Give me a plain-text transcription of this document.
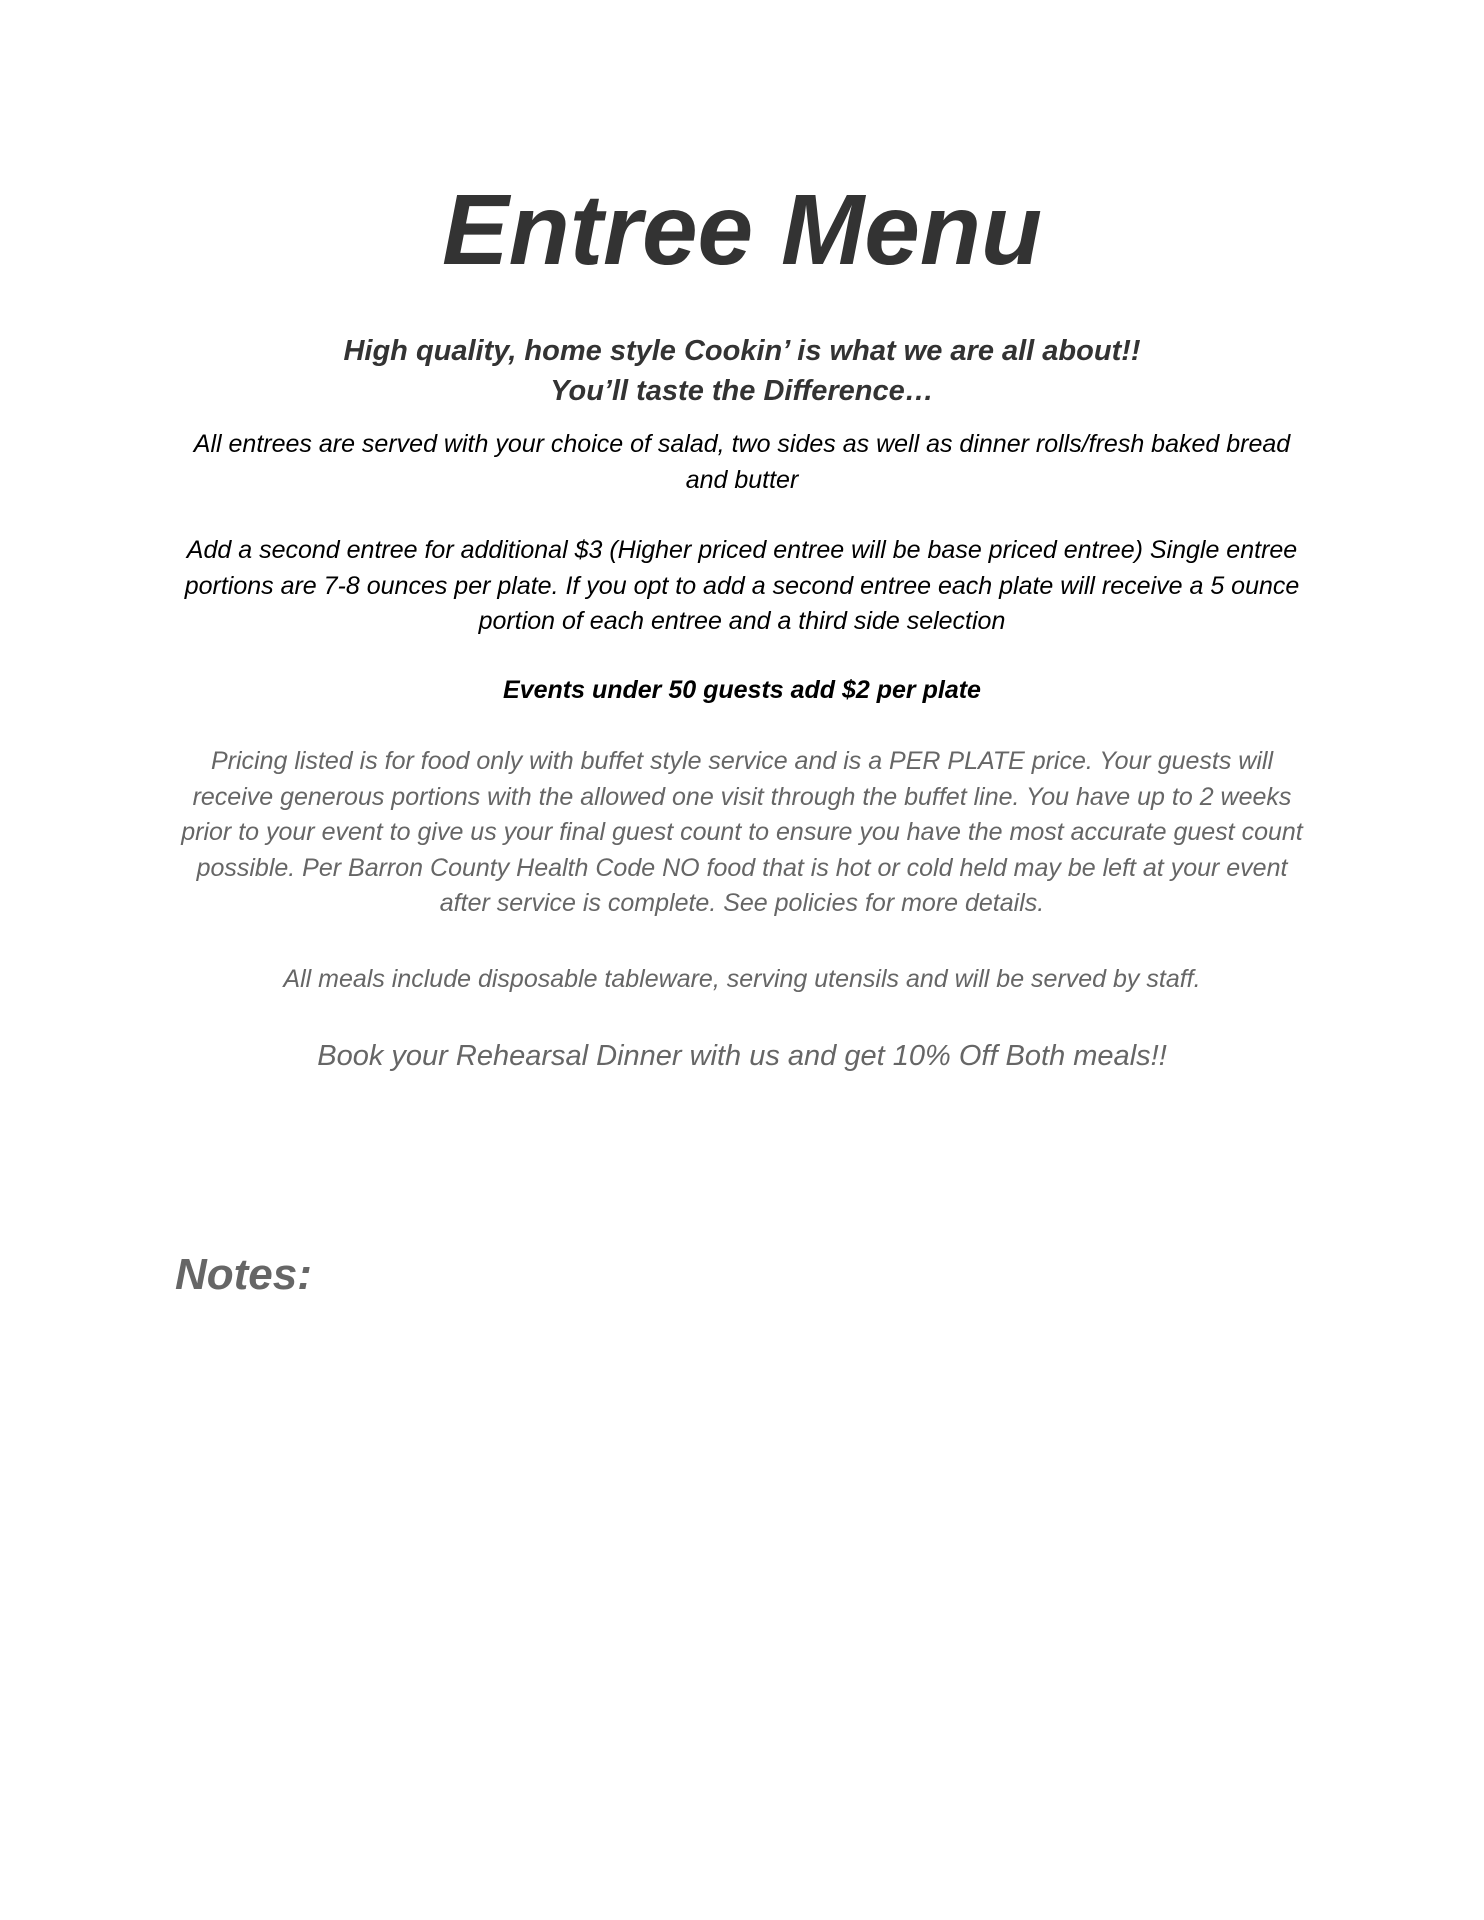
Entree Menu

High quality, home style Cookin’ is what we are all about!!
You’ll taste the Difference…

All entrees are served with your choice of salad, two sides as well as dinner rolls/fresh baked bread and butter

Add a second entree for additional $3 (Higher priced entree will be base priced entree) Single entree portions are 7-8 ounces per plate. If you opt to add a second entree each plate will receive a 5 ounce portion of each entree and a third side selection

Events under 50 guests add $2 per plate

Pricing listed is for food only with buffet style service and is a PER PLATE price. Your guests will receive generous portions with the allowed one visit through the buffet line. You have up to 2 weeks prior to your event to give us your final guest count to ensure you have the most accurate guest count possible. Per Barron County Health Code NO food that is hot or cold held may be left at your event after service is complete. See policies for more details.

All meals include disposable tableware, serving utensils and will be served by staff.

Book your Rehearsal Dinner with us and get 10% Off Both meals!!

Notes:
